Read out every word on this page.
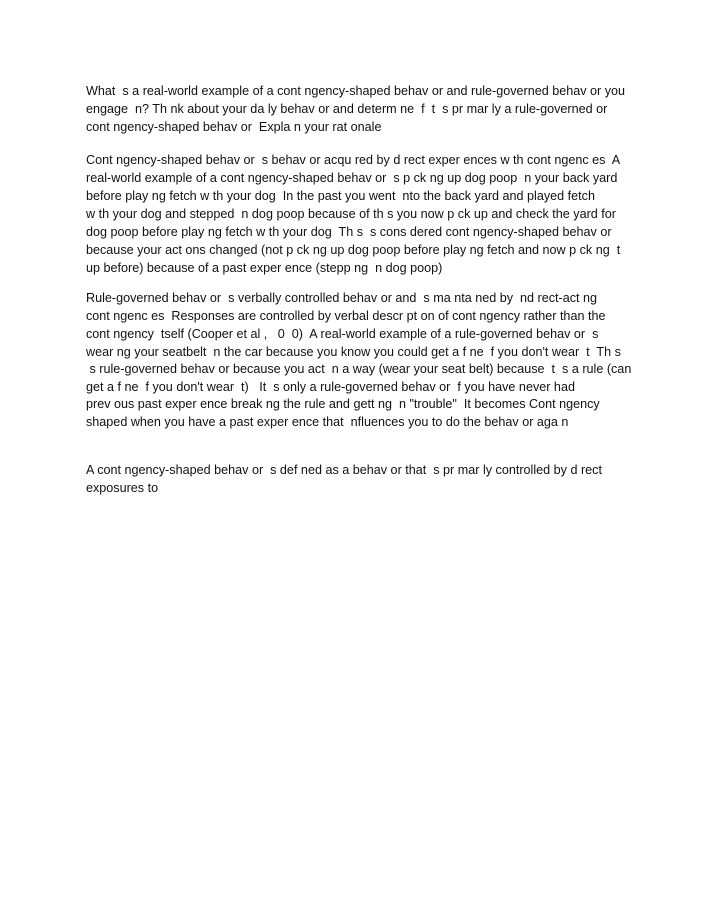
What  s a real-world example of a cont ngency-shaped behav or and rule-governed behav or you
engage  n? Th nk about your da ly behav or and determ ne  f  t  s pr mar ly a rule-governed or
cont ngency-shaped behav or  Expla n your rat onale
Cont ngency-shaped behav or  s behav or acqu red by d rect exper ences w th cont ngenc es  A
real-world example of a cont ngency-shaped behav or  s p ck ng up dog poop  n your back yard
before play ng fetch w th your dog  In the past you went  nto the back yard and played fetch
w th your dog and stepped  n dog poop because of th s you now p ck up and check the yard for
dog poop before play ng fetch w th your dog  Th s  s cons dered cont ngency-shaped behav or
because your act ons changed (not p ck ng up dog poop before play ng fetch and now p ck ng  t
up before) because of a past exper ence (stepp ng  n dog poop)
Rule-governed behav or  s verbally controlled behav or and  s ma nta ned by  nd rect-act ng
cont ngenc es  Responses are controlled by verbal descr pt on of cont ngency rather than the
cont ngency  tself (Cooper et al ,   0  0)  A real-world example of a rule-governed behav or  s
wear ng your seatbelt  n the car because you know you could get a f ne  f you don't wear  t  Th s
s rule-governed behav or because you act  n a way (wear your seat belt) because  t  s a rule (can
get a f ne  f you don't wear  t)   It  s only a rule-governed behav or  f you have never had
prev ous past exper ence break ng the rule and gett ng  n "trouble"  It becomes Cont ngency
shaped when you have a past exper ence that  nfluences you to do the behav or aga n
A cont ngency-shaped behav or  s def ned as a behav or that  s pr mar ly controlled by d rect
exposures to
